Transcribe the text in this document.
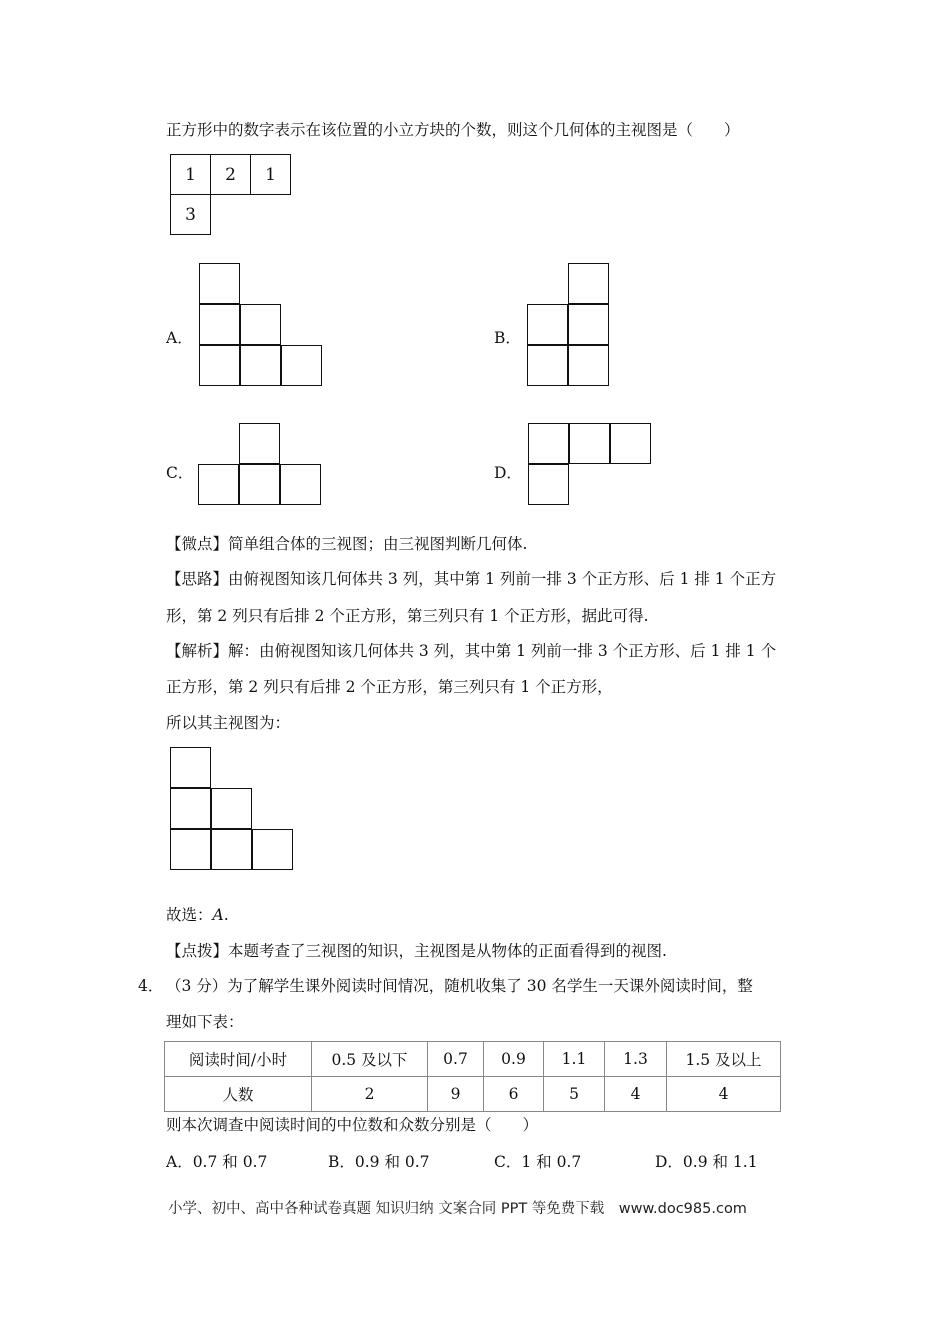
正方形中的数字表示在该位置的小立方块的个数，则这个几何体的主视图是（　　）
1	2	1
3
A．	B．
C．	D．
【微点】简单组合体的三视图；由三视图判断几何体.
【思路】由俯视图知该几何体共 3 列，其中第 1 列前一排 3 个正方形、后 1 排 1 个正方
形，第 2 列只有后排 2 个正方形，第三列只有 1 个正方形，据此可得.
【解析】解：由俯视图知该几何体共 3 列，其中第 1 列前一排 3 个正方形、后 1 排 1 个
正方形，第 2 列只有后排 2 个正方形，第三列只有 1 个正方形，
所以其主视图为：
故选：A.
【点拨】本题考查了三视图的知识，主视图是从物体的正面看得到的视图.
4． （3 分）为了解学生课外阅读时间情况，随机收集了 30 名学生一天课外阅读时间，整
理如下表：
阅读时间/小时	0.5 及以下	0.7	0.9	1.1	1.3	1.5 及以上
人数	2	9	6	5	4	4
则本次调查中阅读时间的中位数和众数分别是（　　）
A．0.7 和 0.7	B．0.9 和 0.7	C．1 和 0.7	D．0.9 和 1.1
小学、初中、高中各种试卷真题 知识归纳 文案合同 PPT 等免费下载　www.doc985.com
